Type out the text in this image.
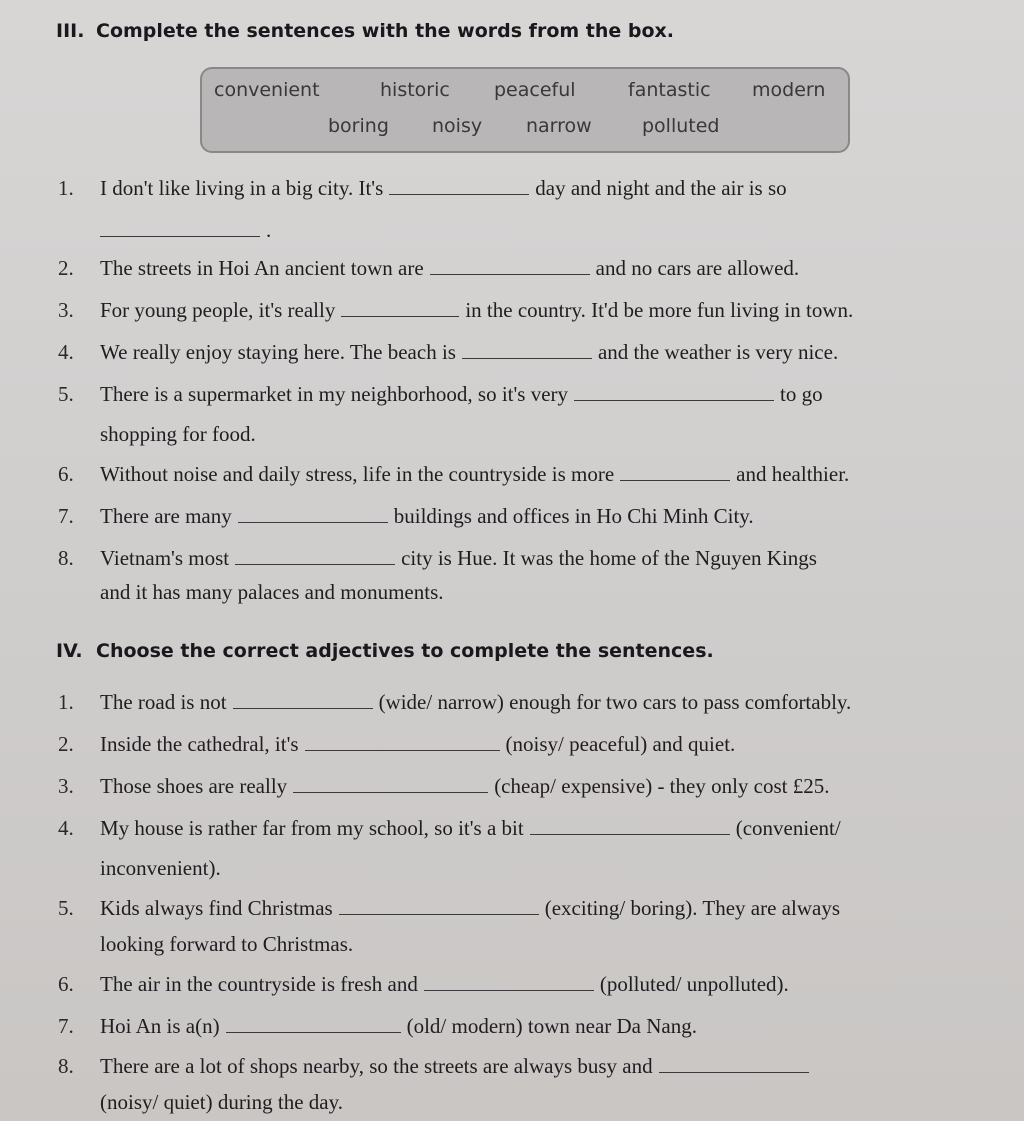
III. Complete the sentences with the words from the box.
convenient	historic peaceful	fantastic modern
boring noisy narrow	polluted
1. I don't like living in a big city. It's	day and night and the air is so
.
2. The streets in Hoi An ancient town are	and no cars are allowed.
3. For young people, it's really	in the country. It'd be more fun living in town.
4. We really enjoy staying here. The beach is	and the weather is very nice.
5. There is a supermarket in my neighborhood, so it's very	to go
shopping for food.
6. Without noise and daily stress, life in the countryside is more	and healthier.
7. There are many	buildings and offices in Ho Chi Minh City.
8. Vietnam's most	city is Hue. It was the home of the Nguyen Kings
and it has many palaces and monuments.
IV. Choose the correct adjectives to complete the sentences.
1. The road is not	(wide/ narrow) enough for two cars to pass comfortably.
2. Inside the cathedral, it's	(noisy/ peaceful) and quiet.
3. Those shoes are really	(cheap/ expensive) - they only cost £25.
4. My house is rather far from my school, so it's a bit	(convenient/
inconvenient).
5. Kids always find Christmas	(exciting/ boring). They are always
looking forward to Christmas.
6. The air in the countryside is fresh and	(polluted/ unpolluted).
7. Hoi An is a(n)	(old/ modern) town near Da Nang.
8. There are a lot of shops nearby, so the streets are always busy and
(noisy/ quiet) during the day.
